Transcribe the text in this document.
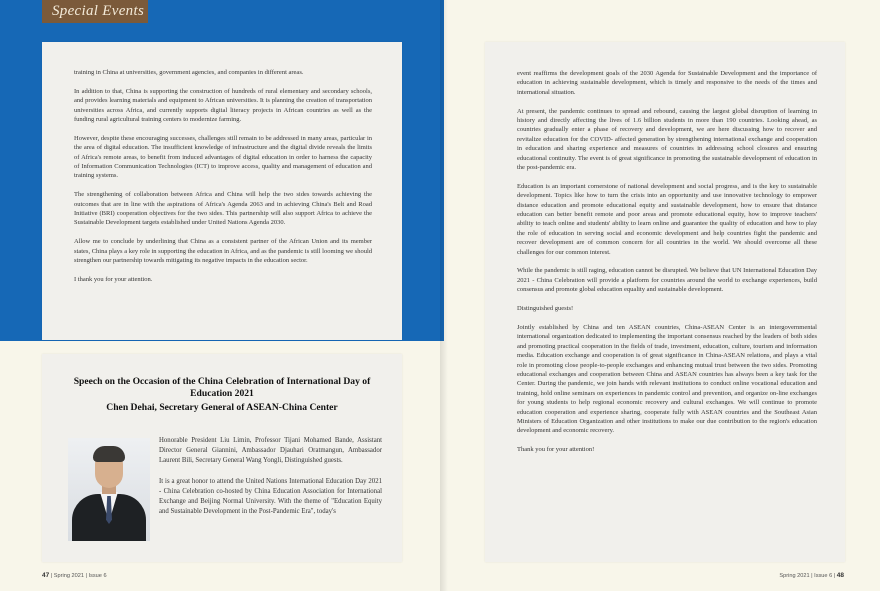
Special Events

training in China at universities, government agencies, and companies in different areas.

In addition to that, China is supporting the construction of hundreds of rural elementary and secondary schools, and provides learning materials and equipment to African universities. It is planning the creation of transportation universities across Africa, and currently supports digital literacy projects in African countries as well as the funding rural agricultural training centers to modernize farming.

However, despite these encouraging successes, challenges still remain to be addressed in many areas, particular in the area of digital education. The insufficient knowledge of infrastructure and the digital divide reveals the limits of Africa's remote areas, to benefit from induced advantages of digital education in order to harness the capacity of Information Communication Technologies (ICT) to improve access, quality and management of education and training systems.

The strengthening of collaboration between Africa and China will help the two sides towards achieving the outcomes that are in line with the aspirations of Africa's Agenda 2063 and in achieving China's Belt and Road Initiative (BRI) cooperation objectives for the two sides. This partnership will also support Africa to achieve the Sustainable Development targets established under United Nations Agenda 2030.

Allow me to conclude by underlining that China as a consistent partner of the African Union and its member states, China plays a key role in supporting the education in Africa, and as the pandemic is still looming we should strengthen our partnership towards mitigating its negative impacts in the education sector.

I thank you for your attention.

Speech on the Occasion of the China Celebration of International Day of Education 2021
Chen Dehai, Secretary General of ASEAN-China Center

Honorable President Liu Limin, Professor Tijani Mohamed Bande, Assistant Director General Giannini, Ambassador Djauhari Oratmangun, Ambassador Laurent Bili, Secretary General Wang Yongli, Distinguished guests.

It is a great honor to attend the United Nations International Education Day 2021 - China Celebration co-hosted by China Education Association for International Exchange and Beijing Normal University. With the theme of "Education Equity and Sustainable Development in the Post-Pandemic Era", today's

event reaffirms the development goals of the 2030 Agenda for Sustainable Development and the importance of education in achieving sustainable development, which is timely and responsive to the needs of the times and international situation.

At present, the pandemic continues to spread and rebound, causing the largest global disruption of learning in history and directly affecting the lives of 1.6 billion students in more than 190 countries. Looking ahead, as countries gradually enter a phase of recovery and development, we are here discussing how to recover and revitalize education for the COVID- affected generation by strengthening international exchange and cooperation in education and sharing experience and measures of countries in addressing school closures and ensuring educational continuity. The event is of great significance in promoting the sustainable development of education in the post-pandemic era.

Education is an important cornerstone of national development and social progress, and is the key to sustainable development. Topics like how to turn the crisis into an opportunity and use innovative technology to empower distance education and promote educational equity and sustainable development, how to ensure that distance education can better benefit remote and poor areas and promote educational equity, how to improve teachers' ability to teach online and students' ability to learn online and guarantee the quality of education and how to play the role of education in serving social and economic development and help countries fight the pandemic and recover development are of common concern for all countries in the world. We should overcome all these challenges for our common interest.

While the pandemic is still raging, education cannot be disrupted. We believe that UN International Education Day 2021 - China Celebration will provide a platform for countries around the world to exchange experiences, build consensus and promote global education equality and sustainable development.

Distinguished guests!

Jointly established by China and ten ASEAN countries, China-ASEAN Center is an intergovernmental international organization dedicated to implementing the important consensus reached by the leaders of both sides and promoting practical cooperation in the fields of trade, investment, education, culture, tourism and information media. Education exchange and cooperation is of great significance in China-ASEAN relations, and plays a vital role in promoting close people-to-people exchanges and enhancing mutual trust between the two sides. Promoting educational exchanges and cooperation between China and ASEAN countries has always been a key task for the Center. During the pandemic, we join hands with relevant institutions to conduct online vocational education and training, hold online seminars on experiences in pandemic control and prevention, and organize on-line exchanges for young students to help regional economic recovery and cultural exchanges. We will continue to promote education cooperation and experience sharing, cooperate fully with ASEAN countries and the Southeast Asian Ministers of Education Organization and other institutions to make our due contribution to the region's education development and economic recovery.

Thank you for your attention!

47 | Spring 2021 | Issue 6	Spring 2021 | Issue 6 | 48
